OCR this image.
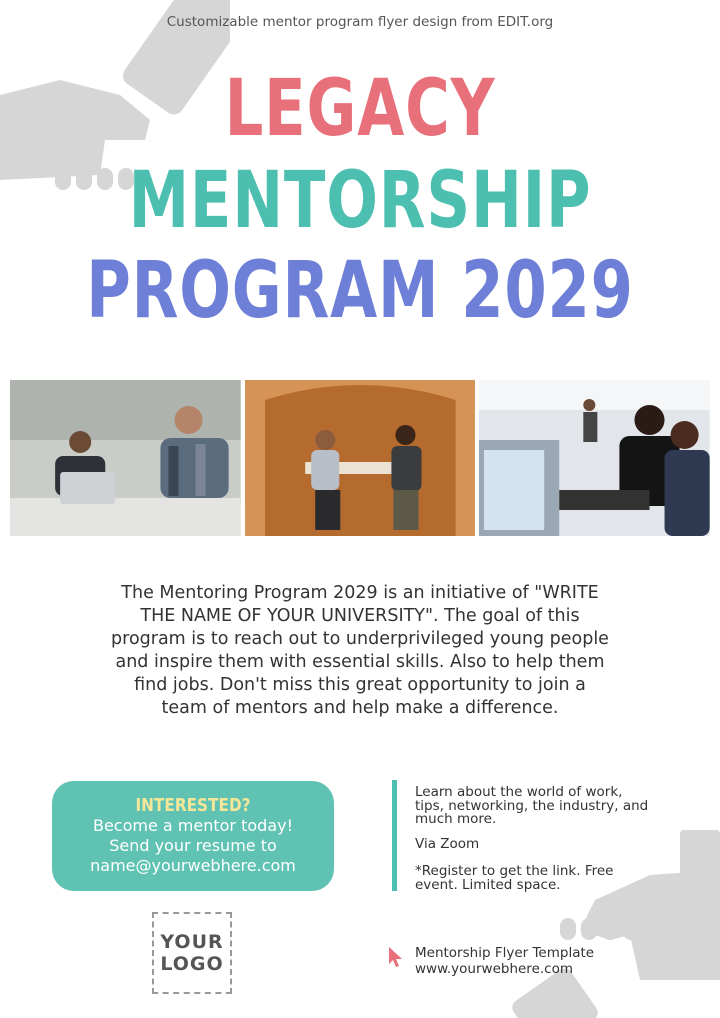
Customizable mentor program flyer design from EDIT.org
LEGACY
MENTORSHIP
PROGRAM 2029
The Mentoring Program 2029 is an initiative of "WRITE THE NAME OF YOUR UNIVERSITY". The goal of this program is to reach out to underprivileged young people and inspire them with essential skills. Also to help them find jobs. Don't miss this great opportunity to join a team of mentors and help make a difference.
INTERESTED?
Become a mentor today!
Send your resume to
name@yourwebhere.com
YOUR
LOGO
Learn about the world of work, tips, networking, the industry, and much more.
Via Zoom
*Register to get the link. Free event. Limited space.
Mentorship Flyer Template
www.yourwebhere.com
